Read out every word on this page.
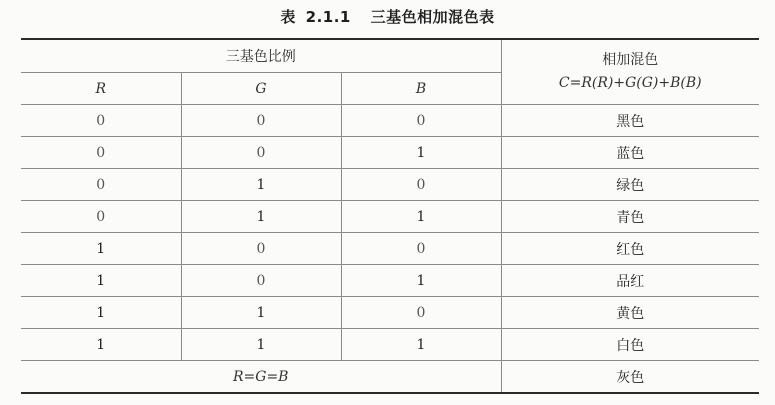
表 2.1.1 三基色相加混色表
三基色比例			相加混色
C=R(R)+G(G)+B(B)

R	G	B	
0	0	0	黑色
0	0	1	蓝色
0	1	0	绿色
0	1	1	青色
1	0	0	红色
1	0	1	品红
1	1	0	黄色
1	1	1	白色
R=G=B			灰色
